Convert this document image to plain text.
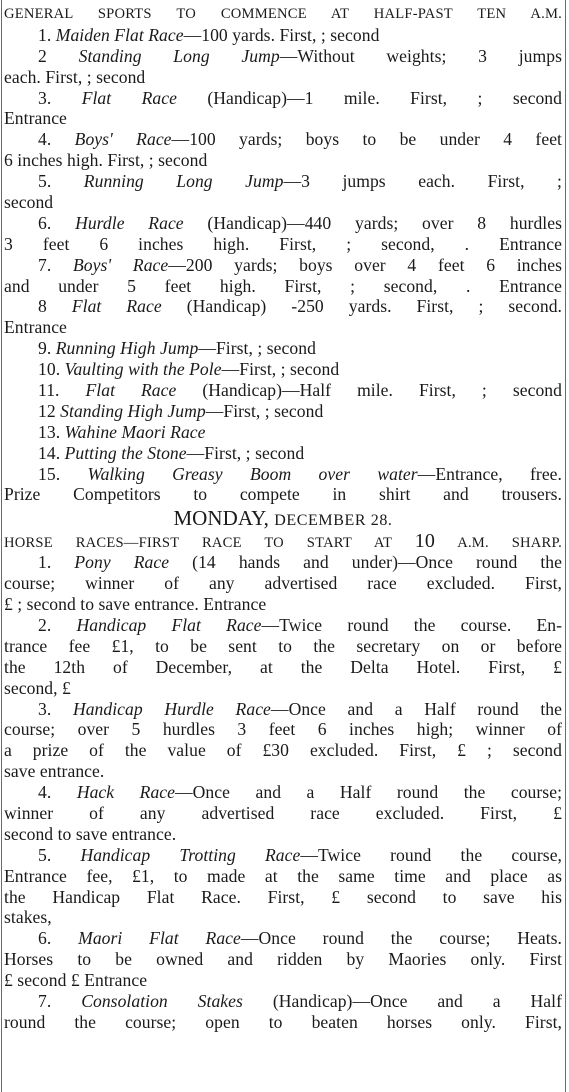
GENERAL SPORTS TO COMMENCE AT HALF-PAST TEN A.M.
1. Maiden Flat Race—100 yards. First, ; second
2 Standing Long Jump—Without weights; 3 jumps
each. First, ; second
3. Flat Race (Handicap)—1 mile. First, ; second
Entrance
4. Boys' Race—100 yards; boys to be under 4 feet
6 inches high. First, ; second
5. Running Long Jump—3 jumps each. First, ;
second
6. Hurdle Race (Handicap)—440 yards; over 8 hurdles
3 feet 6 inches high. First, ; second, . Entrance
7. Boys' Race—200 yards; boys over 4 feet 6 inches
and under 5 feet high. First, ; second, . Entrance
8 Flat Race (Handicap) -250 yards. First, ; second.
Entrance
9. Running High Jump—First, ; second
10. Vaulting with the Pole—First, ; second
11. Flat Race (Handicap)—Half mile. First, ; second
12 Standing High Jump—First, ; second
13. Wahine Maori Race
14. Putting the Stone—First, ; second
15. Walking Greasy Boom over water—Entrance, free.
Prize Competitors to compete in shirt and trousers.
MONDAY, DECEMBER 28.
HORSE RACES—FIRST RACE TO START AT 10 A.M. SHARP.
1. Pony Race (14 hands and under)—Once round the
course; winner of any advertised race excluded. First,
£ ; second to save entrance. Entrance
2. Handicap Flat Race—Twice round the course. En-
trance fee £1, to be sent to the secretary on or before
the 12th of December, at the Delta Hotel. First, £
second, £
3. Handicap Hurdle Race—Once and a Half round the
course; over 5 hurdles 3 feet 6 inches high; winner of
a prize of the value of £30 excluded. First, £ ; second
save entrance.
4. Hack Race—Once and a Half round the course;
winner of any advertised race excluded. First, £
second to save entrance.
5. Handicap Trotting Race—Twice round the course,
Entrance fee, £1, to made at the same time and place as
the Handicap Flat Race. First, £ second to save his
stakes,
6. Maori Flat Race—Once round the course; Heats.
Horses to be owned and ridden by Maories only. First
£ second £ Entrance
7. Consolation Stakes (Handicap)—Once and a Half
round the course; open to beaten horses only. First,
